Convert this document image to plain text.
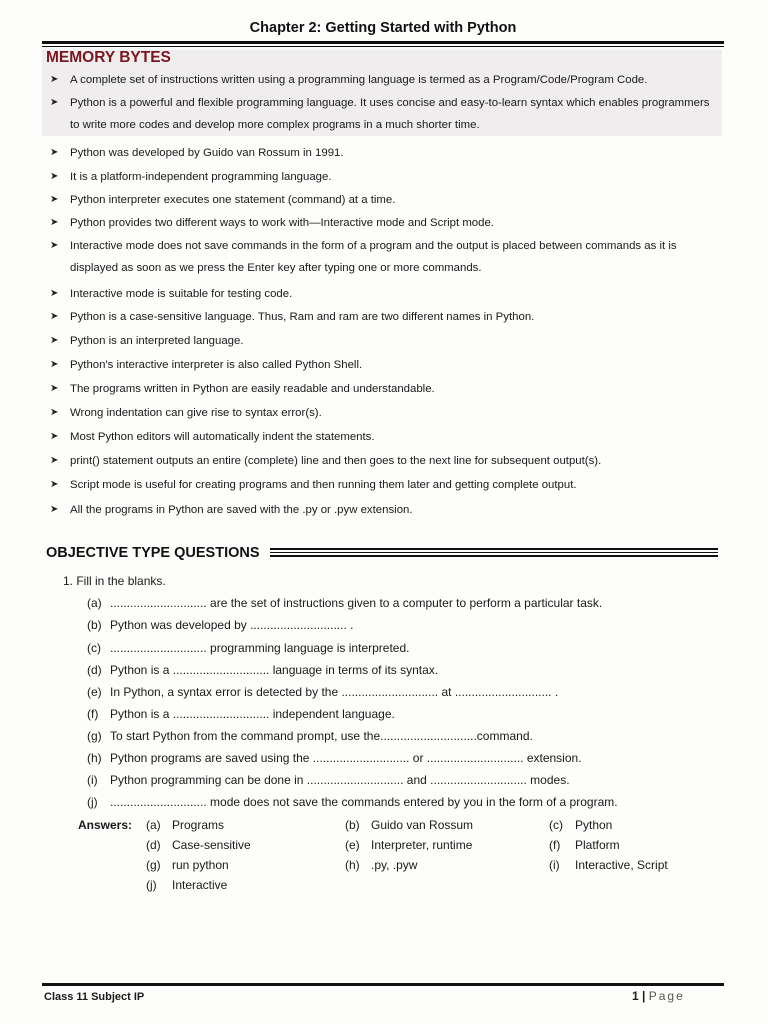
Chapter 2: Getting Started with Python
MEMORY BYTES
➤ A complete set of instructions written using a programming language is termed as a Program/Code/Program Code.
➤ Python is a powerful and flexible programming language. It uses concise and easy-to-learn syntax which enables programmers to write more codes and develop more complex programs in a much shorter time.
➤ Python was developed by Guido van Rossum in 1991.
➤ It is a platform-independent programming language.
➤ Python interpreter executes one statement (command) at a time.
➤ Python provides two different ways to work with—Interactive mode and Script mode.
➤ Interactive mode does not save commands in the form of a program and the output is placed between commands as it is displayed as soon as we press the Enter key after typing one or more commands.
➤ Interactive mode is suitable for testing code.
➤ Python is a case-sensitive language. Thus, Ram and ram are two different names in Python.
➤ Python is an interpreted language.
➤ Python's interactive interpreter is also called Python Shell.
➤ The programs written in Python are easily readable and understandable.
➤ Wrong indentation can give rise to syntax error(s).
➤ Most Python editors will automatically indent the statements.
➤ print() statement outputs an entire (complete) line and then goes to the next line for subsequent output(s).
➤ Script mode is useful for creating programs and then running them later and getting complete output.
➤ All the programs in Python are saved with the .py or .pyw extension.
OBJECTIVE TYPE QUESTIONS
1. Fill in the blanks.
(a) ............................. are the set of instructions given to a computer to perform a particular task.
(b) Python was developed by ............................. .
(c) ............................. programming language is interpreted.
(d) Python is a ............................. language in terms of its syntax.
(e) In Python, a syntax error is detected by the ............................. at ............................. .
(f) Python is a ............................. independent language.
(g) To start Python from the command prompt, use the.............................command.
(h) Python programs are saved using the ............................. or ............................. extension.
(i) Python programming can be done in ............................. and ............................. modes.
(j) ............................. mode does not save the commands entered by you in the form of a program.
Answers: (a) Programs	(b) Guido van Rossum	(c) Python
(d) Case-sensitive	(e) Interpreter, runtime	(f) Platform
(g) run python	(h) .py, .pyw	(i) Interactive, Script
(j) Interactive
Class 11 Subject IP	1 | Page
